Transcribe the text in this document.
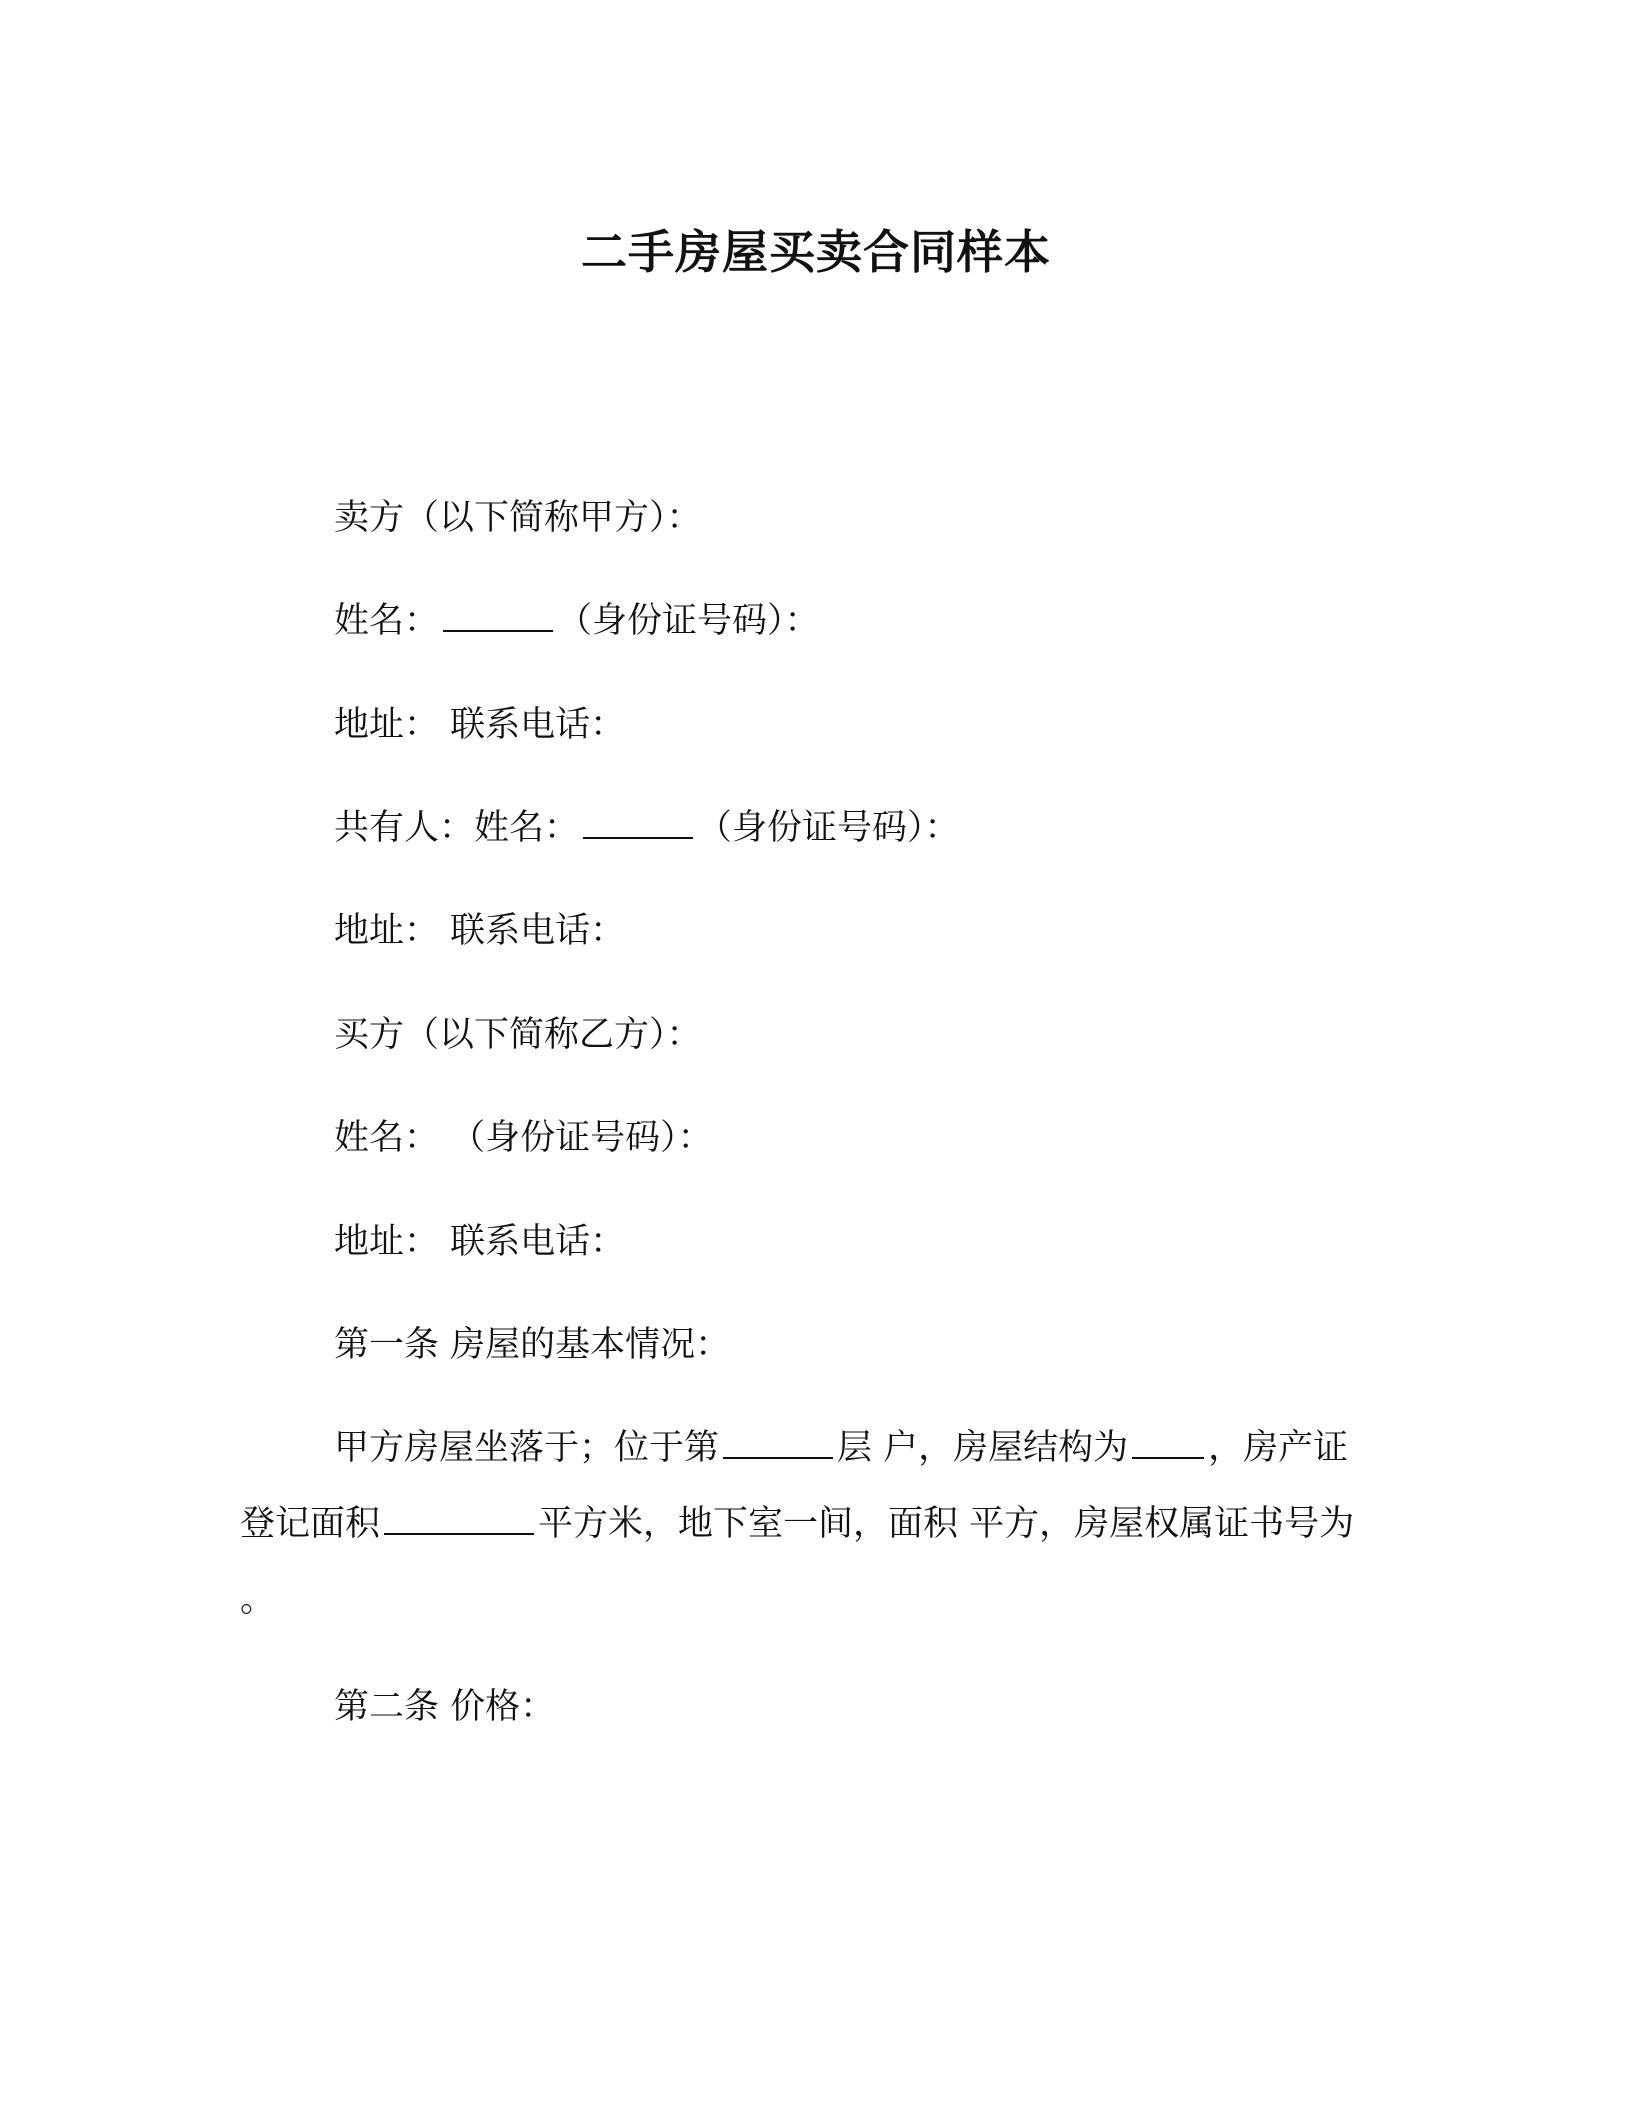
二手房屋买卖合同样本
卖方（以下简称甲方）：
姓名：	（身份证号码）：
地址： 联系电话：
共有人：姓名：	（身份证号码）：
地址： 联系电话：
买方（以下简称乙方）：
姓名： （身份证号码）：
地址： 联系电话：
第一条 房屋的基本情况：
甲方房屋坐落于；位于第	层 户，房屋结构为 ，房产证登记面积	平方米，地下室一间，面积 平方，房屋权属证书号为 。
第二条 价格：
